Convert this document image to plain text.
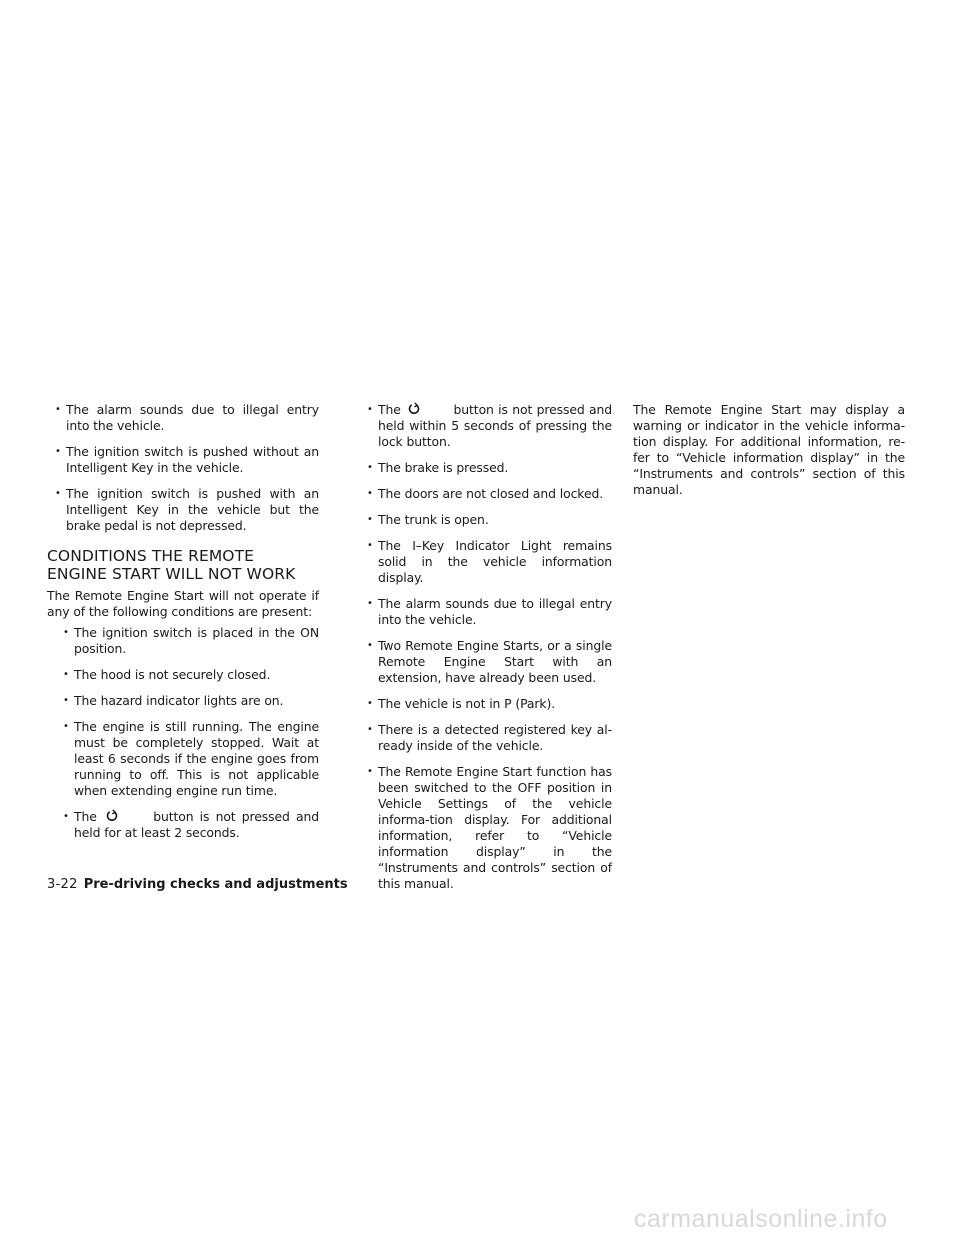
• The alarm sounds due to illegal entry into the vehicle.
• The ignition switch is pushed without an Intelligent Key in the vehicle.
• The ignition switch is pushed with an Intelligent Key in the vehicle but the brake pedal is not depressed.
CONDITIONS THE REMOTE ENGINE START WILL NOT WORK

The Remote Engine Start will not operate if any of the following conditions are present:

• The ignition switch is placed in the ON position.
• The hood is not securely closed.
• The hazard indicator lights are on.
• The engine is still running. The engine must be completely stopped. Wait at least 6 seconds if the engine goes from running to off. This is not applicable when extending engine run time.
• The	button is not pressed and held for at least 2 seconds.
• The	button is not pressed and held within 5 seconds of pressing the lock button.
• The brake is pressed.
• The doors are not closed and locked.
• The trunk is open.
• The I–Key Indicator Light remains solid in the vehicle information display.
• The alarm sounds due to illegal entry into the vehicle.
• Two Remote Engine Starts, or a single Remote Engine Start with an extension, have already been used.
• The vehicle is not in P (Park).
• There is a detected registered key al-ready inside of the vehicle.
• The Remote Engine Start function has been switched to the OFF position in Vehicle Settings of the vehicle informa-tion display. For additional information, refer to “Vehicle information display” in the “Instruments and controls” section of this manual.

The Remote Engine Start may display a warning or indicator in the vehicle informa-tion display. For additional information, re-fer to “Vehicle information display” in the “Instruments and controls” section of this manual.

3-22 Pre-driving checks and adjustments
carmanualsonline.info
